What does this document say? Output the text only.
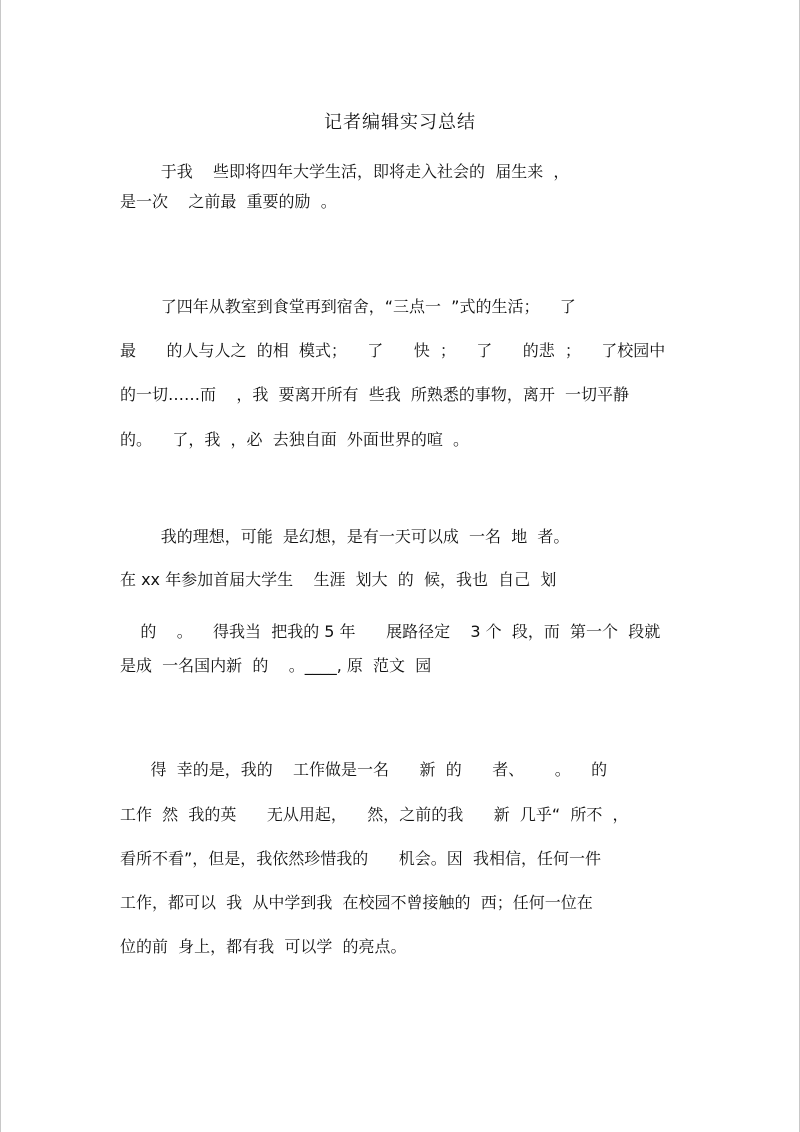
记者编辑实习总结
于我    些即将四年大学生活，即将走入社会的  届生来  ，
是一次    之前最  重要的励  。
了四年从教室到食堂再到宿舍，“三点一  ”式的生活；    了
最      的人与人之  的相  模式；    了      快  ；    了      的悲  ；    了校园中
的一切……而    ，我  要离开所有  些我  所熟悉的事物，离开  一切平静
的。    了，我  ，必  去独自面  外面世界的喧  。
我的理想，可能  是幻想，是有一天可以成  一名  地  者。
在 xx 年参加首届大学生    生涯  划大  的  候，我也  自己  划
的    。    得我当  把我的 5 年      展路径定    3 个  段，而  第一个  段就
是成  一名国内新  的    。____, 原  范文  园
得  幸的是，我的    工作做是一名      新  的      者、      。    的
工作  然  我的英      无从用起，    然，之前的我      新  几乎“  所不  ，
看所不看”，但是，我依然珍惜我的      机会。因  我相信，任何一件
工作，都可以  我  从中学到我  在校园不曾接触的  西；任何一位在
位的前  身上，都有我  可以学  的亮点。
